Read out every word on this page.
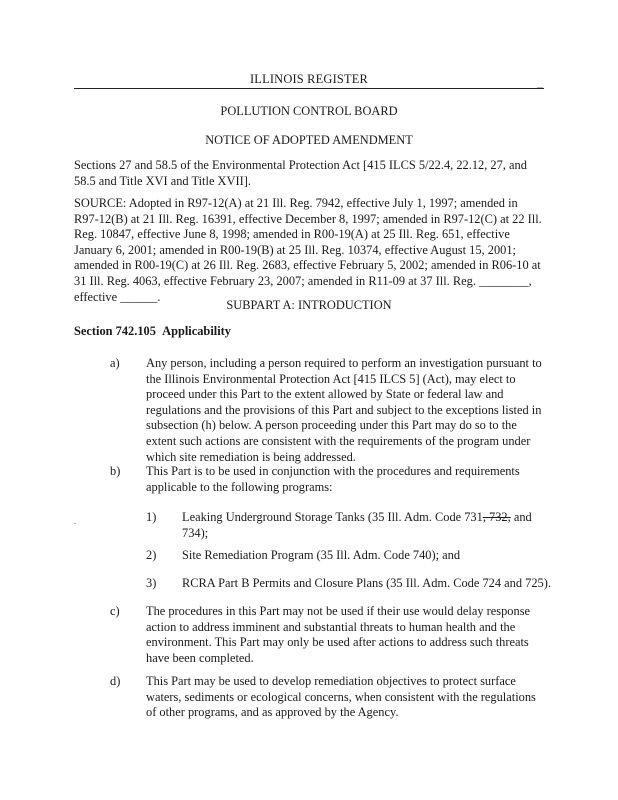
ILLINOIS REGISTER	...
POLLUTION CONTROL BOARD
NOTICE OF ADOPTED AMENDMENT
Sections 27 and 58.5 of the Environmental Protection Act [415 ILCS 5/22.4, 22.12, 27, and 58.5 and Title XVI and Title XVII].
SOURCE: Adopted in R97-12(A) at 21 Ill. Reg. 7942, effective July 1, 1997; amended in R97-12(B) at 21 Ill. Reg. 16391, effective December 8, 1997; amended in R97-12(C) at 22 Ill. Reg. 10847, effective June 8, 1998; amended in R00-19(A) at 25 Ill. Reg. 651, effective January 6, 2001; amended in R00-19(B) at 25 Ill. Reg. 10374, effective August 15, 2001; amended in R00-19(C) at 26 Ill. Reg. 2683, effective February 5, 2002; amended in R06-10 at 31 Ill. Reg. 4063, effective February 23, 2007; amended in R11-09 at 37 Ill. Reg. ________, effective ______.
SUBPART A: INTRODUCTION
Section 742.105 Applicability
a)	Any person, including a person required to perform an investigation pursuant to the Illinois Environmental Protection Act [415 ILCS 5] (Act), may elect to proceed under this Part to the extent allowed by State or federal law and regulations and the provisions of this Part and subject to the exceptions listed in subsection (h) below. A person proceeding under this Part may do so to the extent such actions are consistent with the requirements of the program under which site remediation is being addressed.
b)	This Part is to be used in conjunction with the procedures and requirements applicable to the following programs:
.	1)	Leaking Underground Storage Tanks (35 Ill. Adm. Code 731, 732, and 734);
2)	Site Remediation Program (35 Ill. Adm. Code 740); and
3)	RCRA Part B Permits and Closure Plans (35 Ill. Adm. Code 724 and 725).
c)	The procedures in this Part may not be used if their use would delay response action to address imminent and substantial threats to human health and the environment. This Part may only be used after actions to address such threats have been completed.
d)	This Part may be used to develop remediation objectives to protect surface waters, sediments or ecological concerns, when consistent with the regulations of other programs, and as approved by the Agency.
